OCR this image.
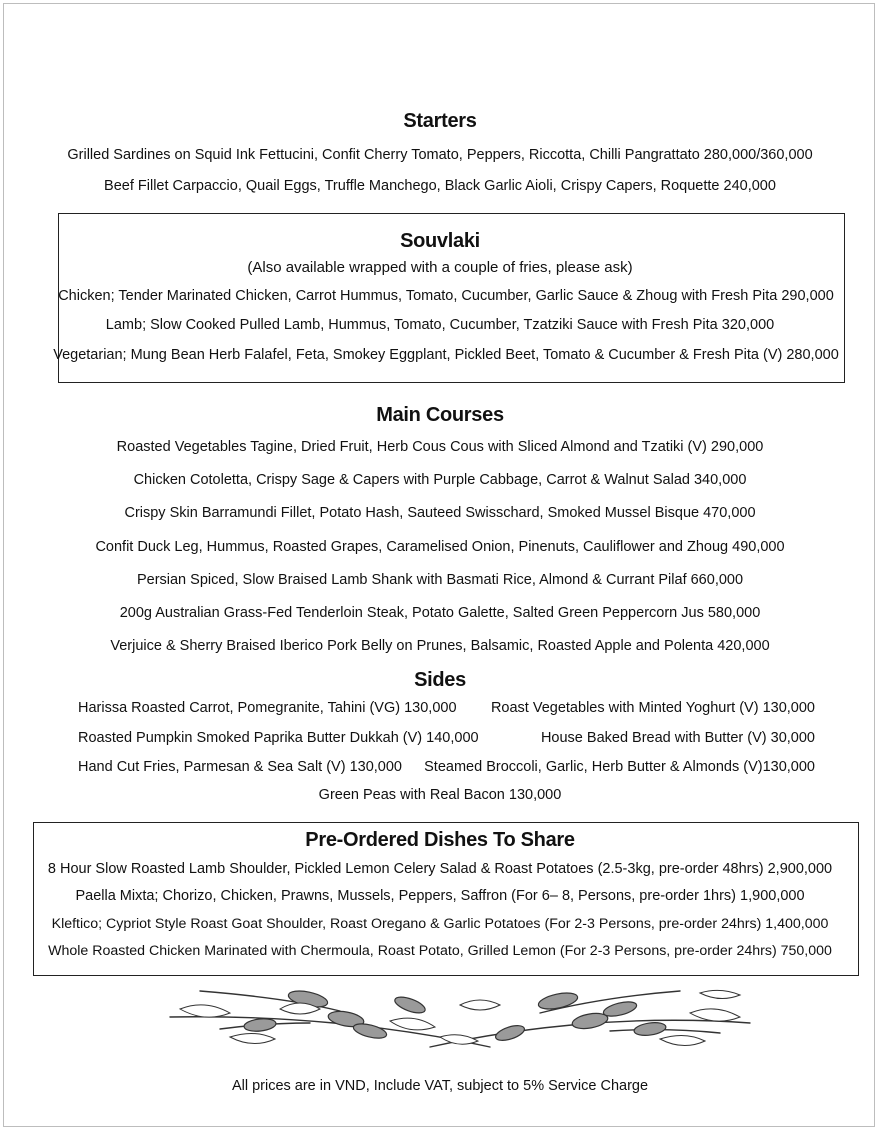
Starters
Grilled Sardines on Squid Ink Fettucini, Confit Cherry Tomato, Peppers, Riccotta, Chilli Pangrattato 280,000/360,000
Beef Fillet Carpaccio, Quail Eggs, Truffle Manchego, Black Garlic Aioli, Crispy Capers, Roquette 240,000
Souvlaki
(Also available wrapped with a couple of fries, please ask)
Chicken; Tender Marinated Chicken, Carrot Hummus, Tomato, Cucumber, Garlic Sauce & Zhoug with Fresh Pita 290,000
Lamb; Slow Cooked Pulled Lamb, Hummus, Tomato, Cucumber, Tzatziki Sauce with Fresh Pita 320,000
Vegetarian; Mung Bean Herb Falafel, Feta, Smokey Eggplant, Pickled Beet, Tomato & Cucumber & Fresh Pita (V) 280,000
Main Courses
Roasted Vegetables Tagine, Dried Fruit, Herb Cous Cous with Sliced Almond and Tzatiki (V) 290,000
Chicken Cotoletta, Crispy Sage & Capers with Purple Cabbage, Carrot & Walnut Salad 340,000
Crispy Skin Barramundi Fillet, Potato Hash, Sauteed Swisschard, Smoked Mussel Bisque 470,000
Confit Duck Leg, Hummus, Roasted Grapes, Caramelised Onion, Pinenuts, Cauliflower and Zhoug 490,000
Persian Spiced, Slow Braised Lamb Shank with Basmati Rice, Almond & Currant Pilaf 660,000
200g Australian Grass-Fed Tenderloin Steak, Potato Galette, Salted Green Peppercorn Jus 580,000
Verjuice & Sherry Braised Iberico Pork Belly on Prunes, Balsamic, Roasted Apple and Polenta 420,000
Sides
Harissa Roasted Carrot, Pomegranite, Tahini (VG) 130,000 Roast Vegetables with Minted Yoghurt (V) 130,000
Roasted Pumpkin Smoked Paprika Butter Dukkah (V) 140,000	House Baked Bread with Butter (V) 30,000
Hand Cut Fries, Parmesan & Sea Salt (V) 130,000 Steamed Broccoli, Garlic, Herb Butter & Almonds (V)130,000
Green Peas with Real Bacon 130,000
Pre-Ordered Dishes To Share
8 Hour Slow Roasted Lamb Shoulder, Pickled Lemon Celery Salad & Roast Potatoes (2.5-3kg, pre-order 48hrs) 2,900,000
Paella Mixta; Chorizo, Chicken, Prawns, Mussels, Peppers, Saffron (For 6– 8, Persons, pre-order 1hrs) 1,900,000
Kleftico; Cypriot Style Roast Goat Shoulder, Roast Oregano & Garlic Potatoes (For 2-3 Persons, pre-order 24hrs) 1,400,000
Whole Roasted Chicken Marinated with Chermoula, Roast Potato, Grilled Lemon (For 2-3 Persons, pre-order 24hrs) 750,000
All prices are in VND, Include VAT, subject to 5% Service Charge
